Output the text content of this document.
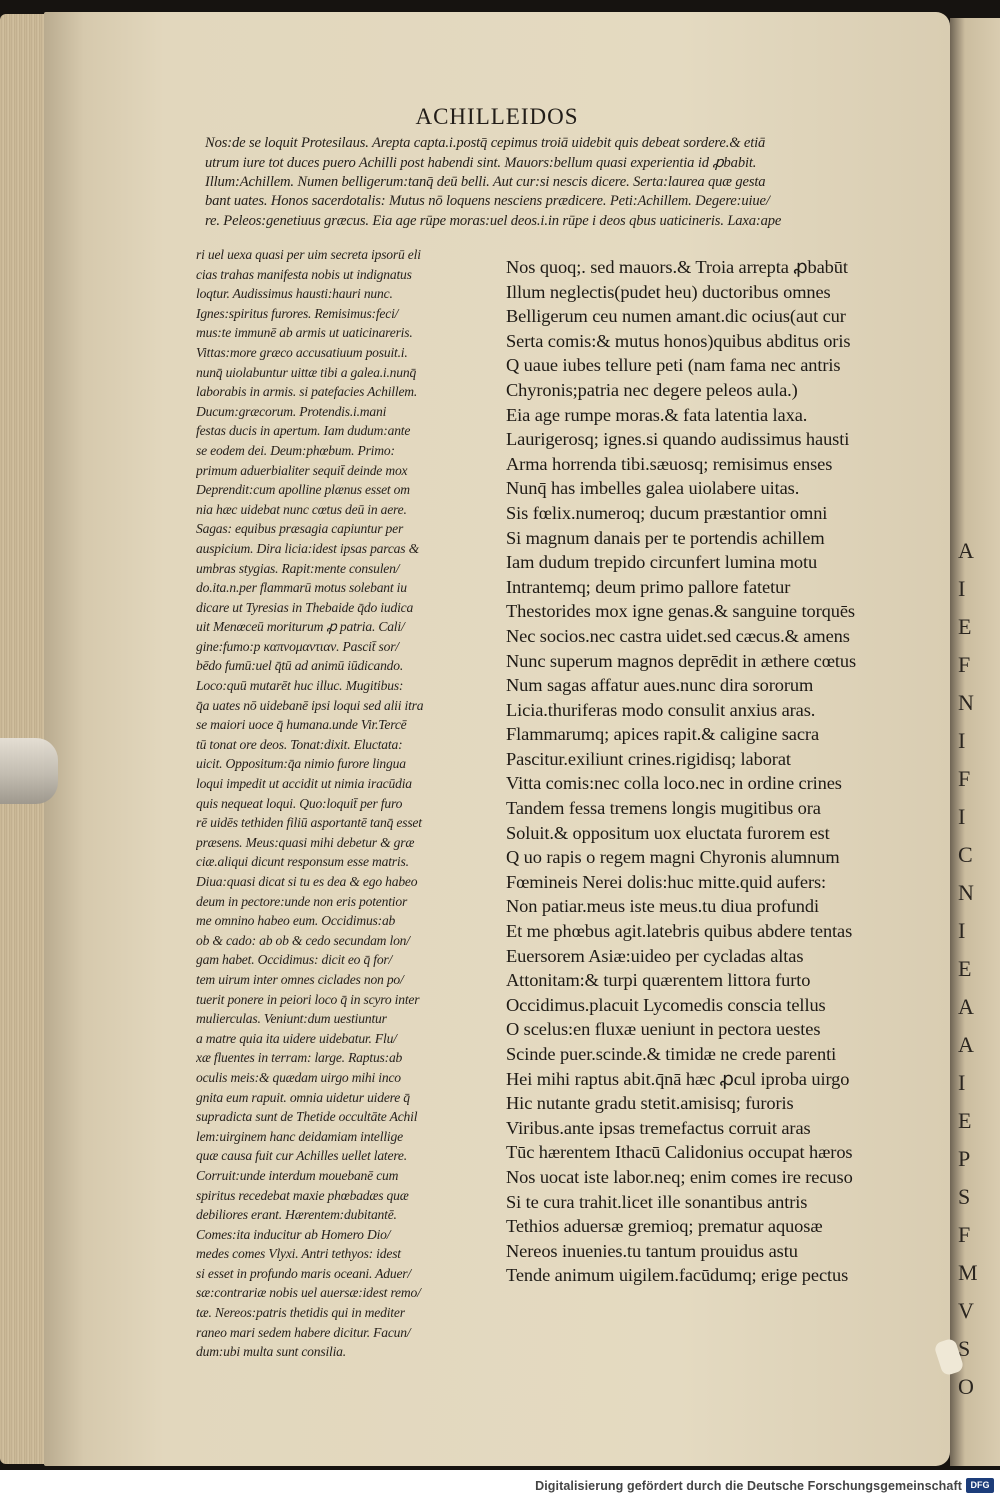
ACHILLEIDOS
Nos:de se loquit Protesilaus. Arepta capta.i.postq̄ cepimus troiā uidebit quis debeat sordere.& etiā
utrum iure tot duces puero Achilli post habendi sint. Mauors:bellum quasi experientia id ꝓbabit.
Illum:Achillem. Numen belligerum:tanq̄ deū belli. Aut cur:si nescis dicere. Serta:laurea quæ gesta
bant uates. Honos sacerdotalis: Mutus nō loquens nesciens prædicere. Peti:Achillem. Degere:uiue/
re. Peleos:genetiuus græcus. Eia age rūpe moras:uel deos.i.in rūpe i deos qbus uaticineris. Laxa:ape
ri uel uexa quasi per uim secreta ipsorū eli
cias trahas manifesta nobis ut indignatus
loqtur. Audissimus hausti:hauri nunc.
Ignes:spiritus furores. Remisimus:feci/
mus:te immunē ab armis ut uaticinareris.
Vittas:more græco accusatiuum posuit.i.
nunq̄ uiolabuntur uittæ tibi a galea.i.nunq̄
laborabis in armis. si patefacies Achillem.
Ducum:græcorum. Protendis.i.mani
festas ducis in apertum. Iam dudum:ante
se eodem dei. Deum:phœbum. Primo:
primum aduerbialiter sequit̄ deinde mox
Deprendit:cum apolline plænus esset om
nia hæc uidebat nunc cœtus deū in aere.
Sagas: equibus præsagia capiuntur per
auspicium. Dira licia:idest ipsas parcas &
umbras stygias. Rapit:mente consulen/
do.ita.n.per flammarū motus solebant iu
dicare ut Tyresias in Thebaide q̄do iudica
uit Menœceū moriturum ꝓ patria. Cali/
gine:fumo:p καπνομαντιαν. Pascit̄ sor/
bēdo fumū:uel q̄tū ad animū iūdicando.
Loco:quū mutarēt huc illuc. Mugitibus:
q̄a uates nō uidebanē ipsi loqui sed alii itra
se maiori uoce q̄ humana.unde Vir.Tercē
tū tonat ore deos. Tonat:dixit. Eluctata:
uicit. Oppositum:q̄a nimio furore lingua
loqui impedit ut accidit ut nimia iracūdia
quis nequeat loqui. Quo:loquit̄ per furo
rē uidēs tethiden filiū asportantē tanq̄ esset
præsens. Meus:quasi mihi debetur & græ
ciæ.aliqui dicunt responsum esse matris.
Diua:quasi dicat si tu es dea & ego habeo
deum in pectore:unde non eris potentior
me omnino habeo eum. Occidimus:ab
ob & cado: ab ob & cedo secundam lon/
gam habet. Occidimus: dicit eo q̄ for/
tem uirum inter omnes ciclades non po/
tuerit ponere in peiori loco q̄ in scyro inter
mulierculas. Veniunt:dum uestiuntur
a matre quia ita uidere uidebatur. Flu/
xæ fluentes in terram: large. Raptus:ab
oculis meis:& quædam uirgo mihi inco
gnita eum rapuit. omnia uidetur uidere q̄
supradicta sunt de Thetide occultāte Achil
lem:uirginem hanc deidamiam intellige
quæ causa fuit cur Achilles uellet latere.
Corruit:unde interdum mouebanē cum
spiritus recedebat maxie phœbadæs quæ
debiliores erant. Hærentem:dubitantē.
Comes:ita inducitur ab Homero Dio/
medes comes Vlyxi. Antri tethyos: idest
si esset in profundo maris oceani. Aduer/
sæ:contrariæ nobis uel auersæ:idest remo/
tæ. Nereos:patris thetidis qui in mediter
raneo mari sedem habere dicitur. Facun/
dum:ubi multa sunt consilia.
Nos quoq;. sed mauors.& Troia arrepta ꝓbabūt
Illum neglectis(pudet heu) ductoribus omnes
Belligerum ceu numen amant.dic ocius(aut cur
Serta comis:& mutus honos)quibus abditus oris
Q uaue iubes tellure peti (nam fama nec antris
Chyronis;patria nec degere peleos aula.)
Eia age rumpe moras.& fata latentia laxa.
Laurigerosq; ignes.si quando audissimus hausti
Arma horrenda tibi.sæuosq; remisimus enses
Nunq̄ has imbelles galea uiolabere uitas.
Sis fœlix.numeroq; ducum præstantior omni
Si magnum danais per te portendis achillem
Iam dudum trepido circunfert lumina motu
Intrantemq; deum primo pallore fatetur
Thestorides mox igne genas.& sanguine torquēs
Nec socios.nec castra uidet.sed cæcus.& amens
Nunc superum magnos deprēdit in æthere cœtus
Num sagas affatur aues.nunc dira sororum
Licia.thuriferas modo consulit anxius aras.
Flammarumq; apices rapit.& caligine sacra
Pascitur.exiliunt crines.rigidisq; laborat
Vitta comis:nec colla loco.nec in ordine crines
Tandem fessa tremens longis mugitibus ora
Soluit.& oppositum uox eluctata furorem est
Q uo rapis o regem magni Chyronis alumnum
Fœmineis Nerei dolis:huc mitte.quid aufers:
Non patiar.meus iste meus.tu diua profundi
Et me phœbus agit.latebris quibus abdere tentas
Euersorem Asiæ:uideo per cycladas altas
Attonitam:& turpi quærentem littora furto
Occidimus.placuit Lycomedis conscia tellus
O scelus:en fluxæ ueniunt in pectora uestes
Scinde puer.scinde.& timidæ ne crede parenti
Hei mihi raptus abit.q̄nā hæc ꝓcul iproba uirgo
Hic nutante gradu stetit.amisisq; furoris
Viribus.ante ipsas tremefactus corruit aras
Tūc hærentem Ithacū Calidonius occupat hæros
Nos uocat iste labor.neq; enim comes ire recuso
Si te cura trahit.licet ille sonantibus antris
Tethios aduersæ gremioq; prematur aquosæ
Nereos inuenies.tu tantum prouidus astu
Tende animum uigilem.facūdumq; erige pectus
A
I
E
F
N
I
F
I
C
N
I
E
A
A
I
E
P
S
F
M
V
S
O
Digitalisierung gefördert durch die Deutsche Forschungsgemeinschaft DFG
